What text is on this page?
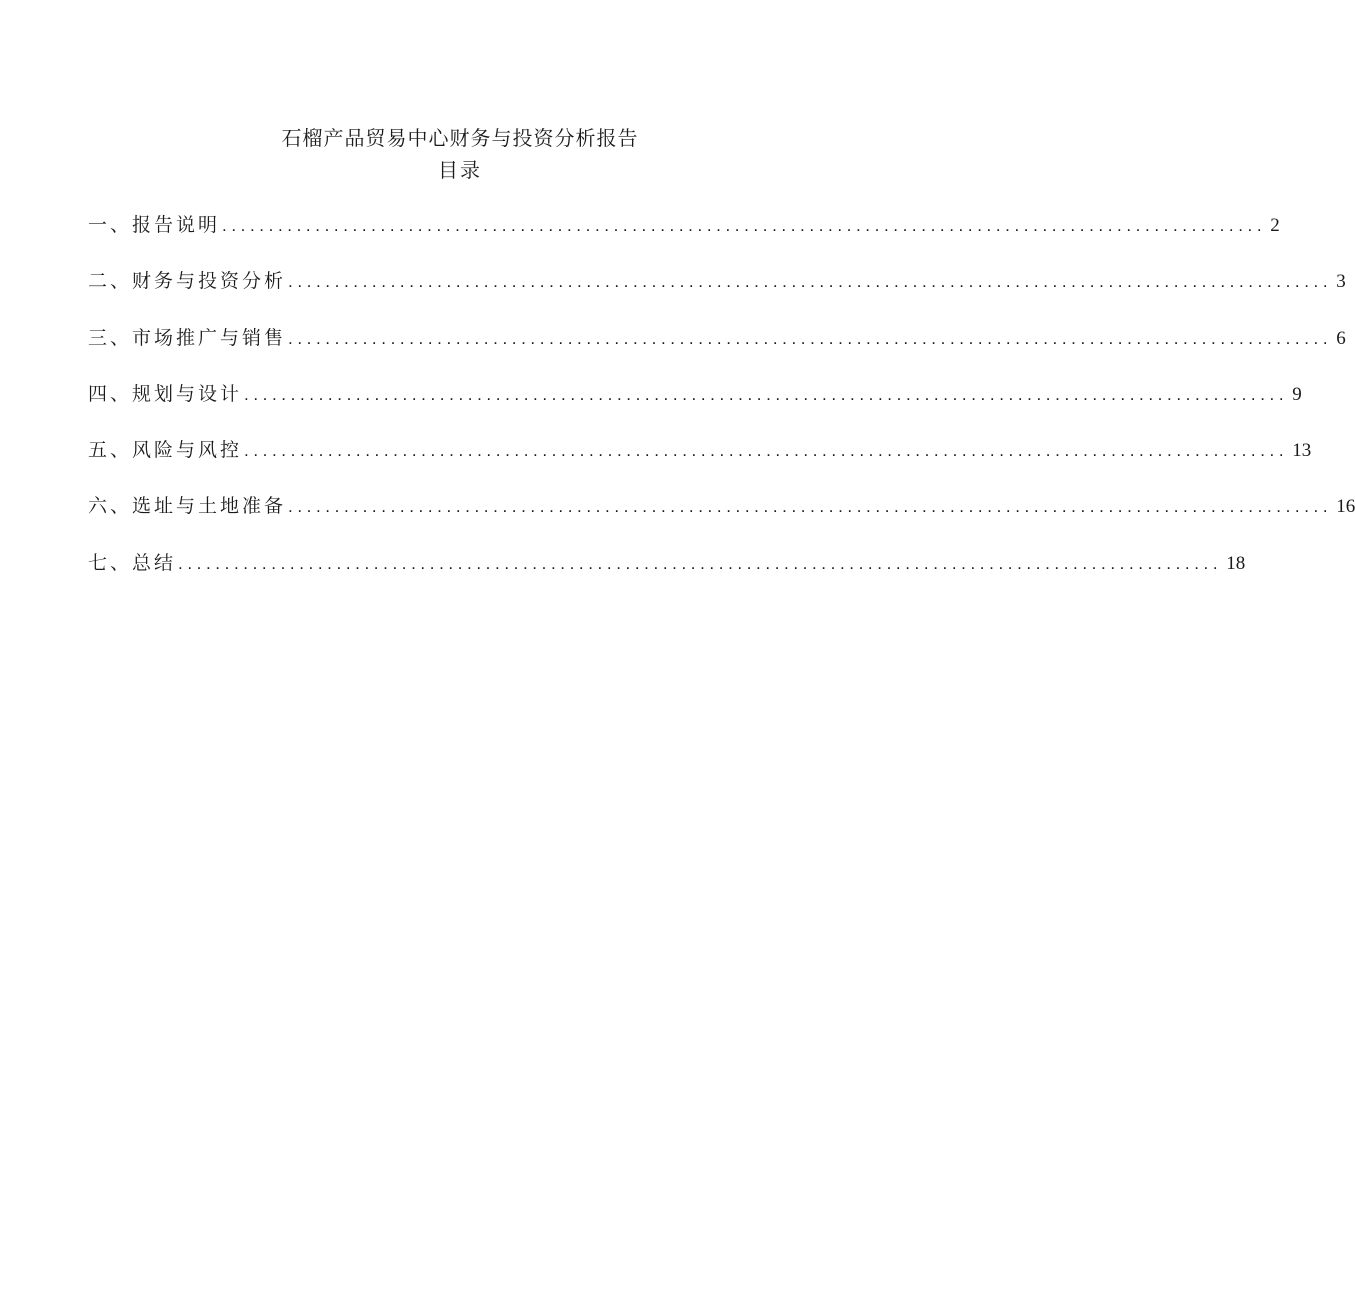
石榴产品贸易中心财务与投资分析报告
目录
一、报告说明 ................................................................................................................ 2
二、财务与投资分析 ................................................................................................................ 3
三、市场推广与销售 ................................................................................................................ 6
四、规划与设计 ................................................................................................................ 9
五、风险与风控 ................................................................................................................ 13
六、选址与土地准备 ................................................................................................................ 16
七、总结 ................................................................................................................ 18
